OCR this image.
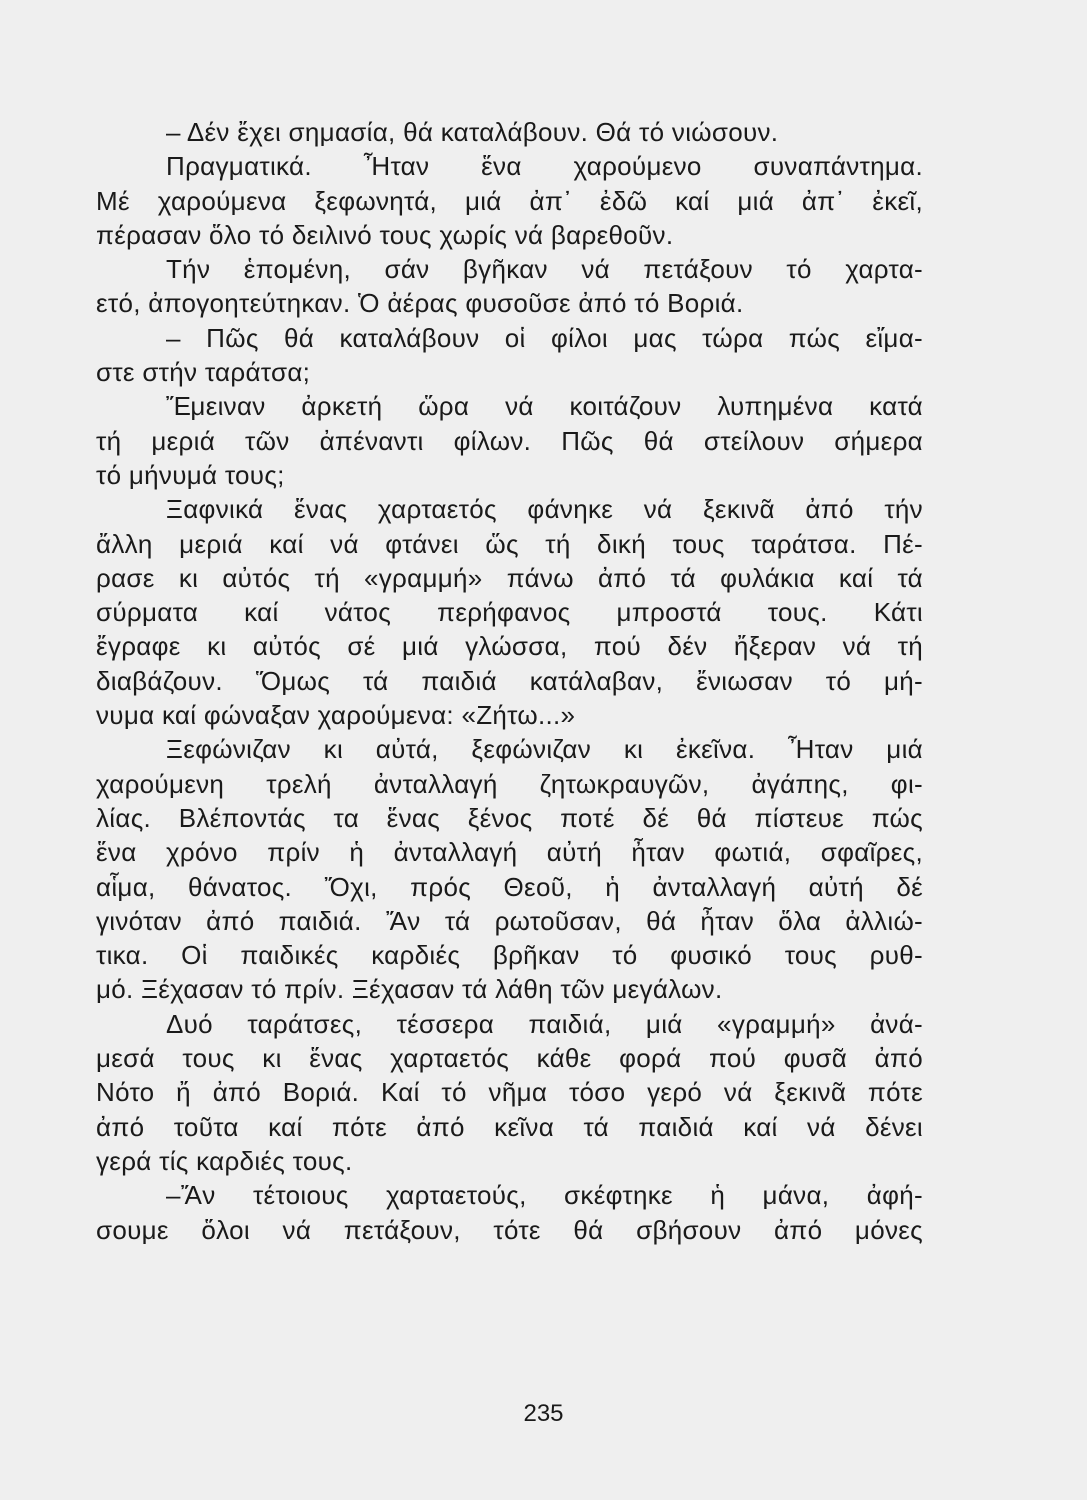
– Δέν ἔχει σημασία, θά καταλάβουν. Θά τό νιώσουν.
Πραγματικά. Ἦταν ἕνα χαρούμενο συναπάντημα.
Μέ χαρούμενα ξεφωνητά, μιά ἀπ᾽ ἐδῶ καί μιά ἀπ᾽ ἐκεῖ,
πέρασαν ὅλο τό δειλινό τους χωρίς νά βαρεθοῦν.
Τήν ἑπομένη, σάν βγῆκαν νά πετάξουν τό χαρτα-
ετό, ἀπογοητεύτηκαν. Ὁ ἀέρας φυσοῦσε ἀπό τό Βοριά.
– Πῶς θά καταλάβουν οἱ φίλοι μας τώρα πώς εἴμα-
στε στήν ταράτσα;
Ἔμειναν ἀρκετή ὥρα νά κοιτάζουν λυπημένα κατά
τή μεριά τῶν ἀπέναντι φίλων. Πῶς θά στείλουν σήμερα
τό μήνυμά τους;
Ξαφνικά ἕνας χαρταετός φάνηκε νά ξεκινᾶ ἀπό τήν
ἄλλη μεριά καί νά φτάνει ὥς τή δική τους ταράτσα. Πέ-
ρασε κι αὐτός τή «γραμμή» πάνω ἀπό τά φυλάκια καί τά
σύρματα καί νάτος περήφανος μπροστά τους. Κάτι
ἔγραφε κι αὐτός σέ μιά γλώσσα, πού δέν ἤξεραν νά τή
διαβάζουν. Ὅμως τά παιδιά κατάλαβαν, ἔνιωσαν τό μή-
νυμα καί φώναξαν χαρούμενα: «Ζήτω...»
Ξεφώνιζαν κι αὐτά, ξεφώνιζαν κι ἐκεῖνα. Ἦταν μιά
χαρούμενη τρελή ἀνταλλαγή ζητωκραυγῶν, ἀγάπης, φι-
λίας. Βλέποντάς τα ἕνας ξένος ποτέ δέ θά πίστευε πώς
ἕνα χρόνο πρίν ἡ ἀνταλλαγή αὐτή ἦταν φωτιά, σφαῖρες,
αἷμα, θάνατος. Ὄχι, πρός Θεοῦ, ἡ ἀνταλλαγή αὐτή δέ
γινόταν ἀπό παιδιά. Ἄν τά ρωτοῦσαν, θά ἦταν ὅλα ἀλλιώ-
τικα. Οἱ παιδικές καρδιές βρῆκαν τό φυσικό τους ρυθ-
μό. Ξέχασαν τό πρίν. Ξέχασαν τά λάθη τῶν μεγάλων.
Δυό ταράτσες, τέσσερα παιδιά, μιά «γραμμή» ἀνά-
μεσά τους κι ἕνας χαρταετός κάθε φορά πού φυσᾶ ἀπό
Νότο ἤ ἀπό Βοριά. Καί τό νῆμα τόσο γερό νά ξεκινᾶ πότε
ἀπό τοῦτα καί πότε ἀπό κεῖνα τά παιδιά καί νά δένει
γερά τίς καρδιές τους.
–Ἄν τέτοιους χαρταετούς, σκέφτηκε ἡ μάνα, ἀφή-
σουμε ὅλοι νά πετάξουν, τότε θά σβήσουν ἀπό μόνες
235
